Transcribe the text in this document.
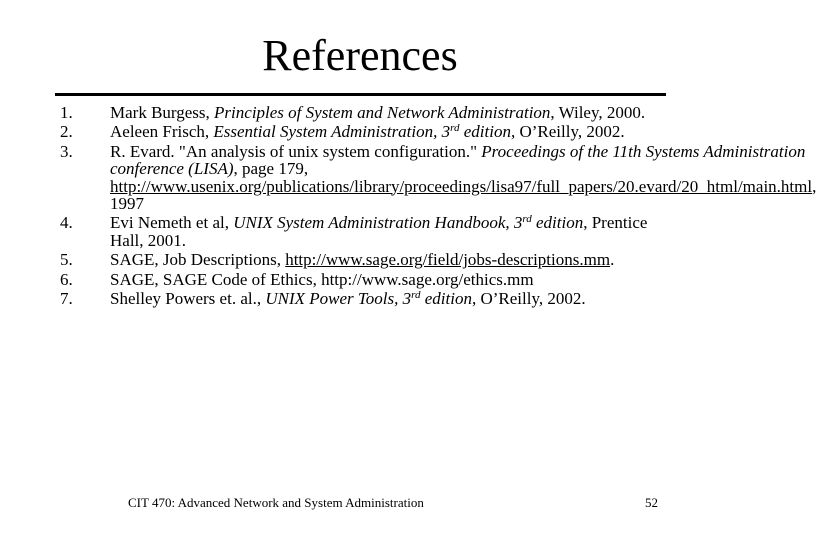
References
1.	Mark Burgess, Principles of System and Network Administration, Wiley, 2000.
2.	Aeleen Frisch, Essential System Administration, 3rd edition, O’Reilly, 2002.
3.	R. Evard. "An analysis of unix system configuration." Proceedings of the 11th Systems Administration conference (LISA), page 179, http://www.usenix.org/publications/library/proceedings/lisa97/full_papers/20.evard/20_html/main.html, 1997
4.	Evi Nemeth et al, UNIX System Administration Handbook, 3rd edition, Prentice Hall, 2001.
5.	SAGE, Job Descriptions, http://www.sage.org/field/jobs-descriptions.mm.
6.	SAGE, SAGE Code of Ethics, http://www.sage.org/ethics.mm
7.	Shelley Powers et. al., UNIX Power Tools, 3rd edition, O’Reilly, 2002.
CIT 470: Advanced Network and System Administration	52
